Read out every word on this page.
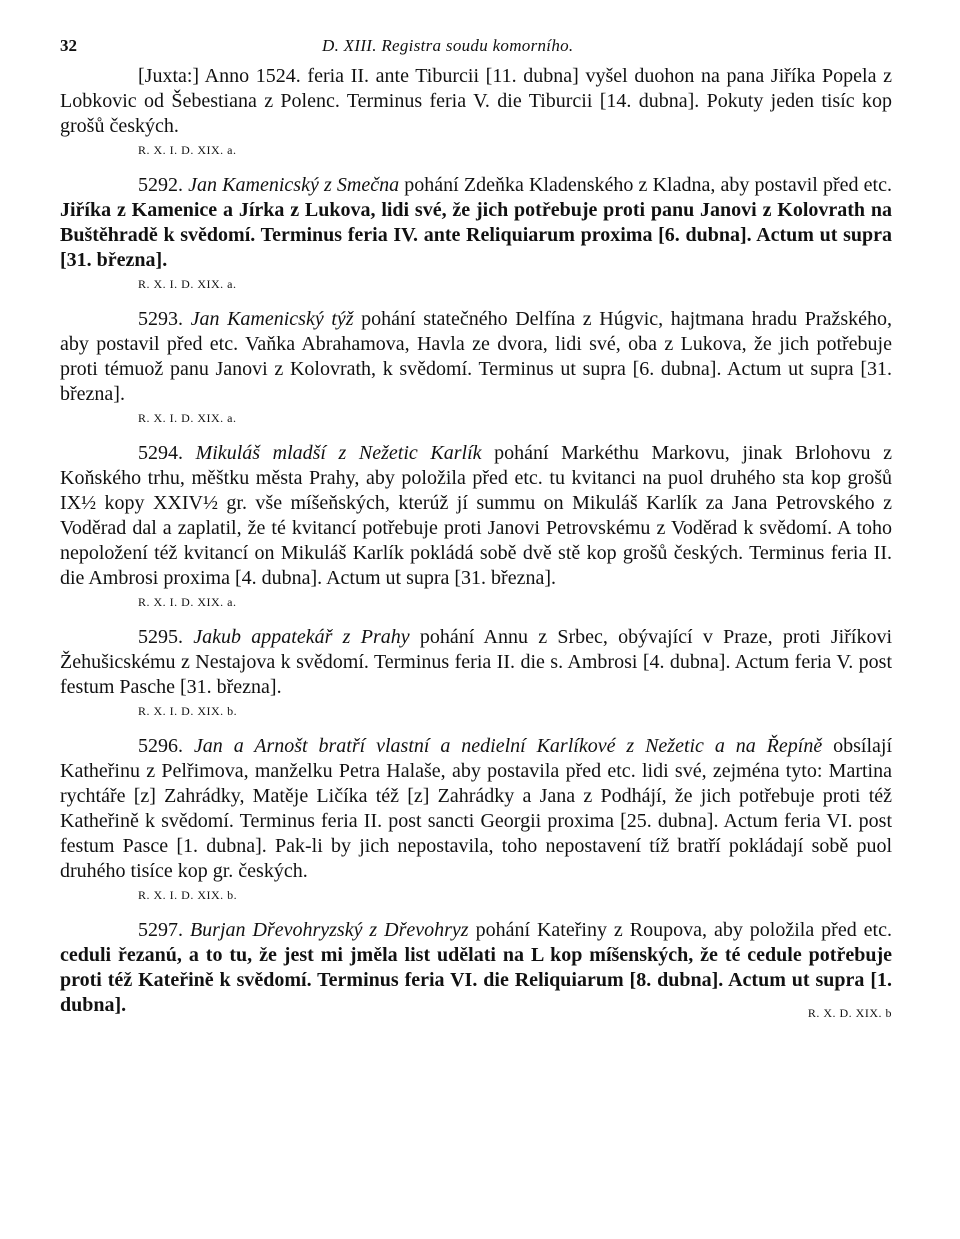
32	D. XIII. Registra soudu komorního.

[Juxta:] Anno 1524. feria II. ante Tiburcii [11. dubna] vyšel duohon na pana Jiříka Popela z Lobkovic od Šebestiana z Polenc. Terminus feria V. die Tiburcii [14. dubna]. Pokuty jeden tisíc kop grošů českých.

R. X. I. D. XIX. a.

5292. Jan Kamenicský z Smečna pohání Zdeňka Kladenského z Kladna, aby postavil před etc. Jiříka z Kamenice a Jírka z Lukova, lidi své, že jich potřebuje proti panu Janovi z Kolovrath na Buštěhradě k svědomí. Terminus feria IV. ante Reliquiarum proxima [6. dubna]. Actum ut supra [31. března].

R. X. I. D. XIX. a.

5293. Jan Kamenicský týž pohání statečného Delfína z Húgvic, hajtmana hradu Pražského, aby postavil před etc. Vaňka Abrahamova, Havla ze dvora, lidi své, oba z Lukova, že jich potřebuje proti témuož panu Janovi z Kolovrath, k svědomí. Terminus ut supra [6. dubna]. Actum ut supra [31. března].

R. X. I. D. XIX. a.

5294. Mikuláš mladší z Nežetic Karlík pohání Markéthu Markovu, jinak Brlohovu z Koňského trhu, měštku města Prahy, aby položila před etc. tu kvitanci na puol druhého sta kop grošů IX½ kopy XXIV½ gr. vše míšeňských, kterúž jí summu on Mikuláš Karlík za Jana Petrovského z Voděrad dal a zaplatil, že té kvitancí potřebuje proti Janovi Petrovskému z Voděrad k svědomí. A toho nepoložení též kvitancí on Mikuláš Karlík pokládá sobě dvě stě kop grošů českých. Terminus feria II. die Ambrosi proxima [4. dubna]. Actum ut supra [31. března].

R. X. I. D. XIX. a.

5295. Jakub appatekář z Prahy pohání Annu z Srbec, obývající v Praze, proti Jiříkovi Žehušicskému z Nestajova k svědomí. Terminus feria II. die s. Ambrosi [4. dubna]. Actum feria V. post festum Pasche [31. března].

R. X. I. D. XIX. b.

5296. Jan a Arnošt bratří vlastní a nedielní Karlíkové z Nežetic a na Řepíně obsílají Katheřinu z Pelřimova, manželku Petra Halaše, aby postavila před etc. lidi své, zejména tyto: Martina rychtáře [z] Zahrádky, Matěje Ličíka též [z] Zahrádky a Jana z Podhájí, že jich potřebuje proti též Katheřině k svědomí. Terminus feria II. post sancti Georgii proxima [25. dubna]. Actum feria VI. post festum Pasce [1. dubna]. Pak-li by jich nepostavila, toho nepostavení tíž bratří pokládají sobě puol druhého tisíce kop gr. českých.

R. X. I. D. XIX. b.

5297. Burjan Dřevohryzský z Dřevohryz pohání Kateřiny z Roupova, aby položila před etc. ceduli řezanú, a to tu, že jest mi jměla list udělati na L kop míšenských, že té cedule potřebuje proti též Kateřině k svědomí. Terminus feria VI. die Reliquiarum [8. dubna]. Actum ut supra [1. dubna].	R. X. D. XIX. b
